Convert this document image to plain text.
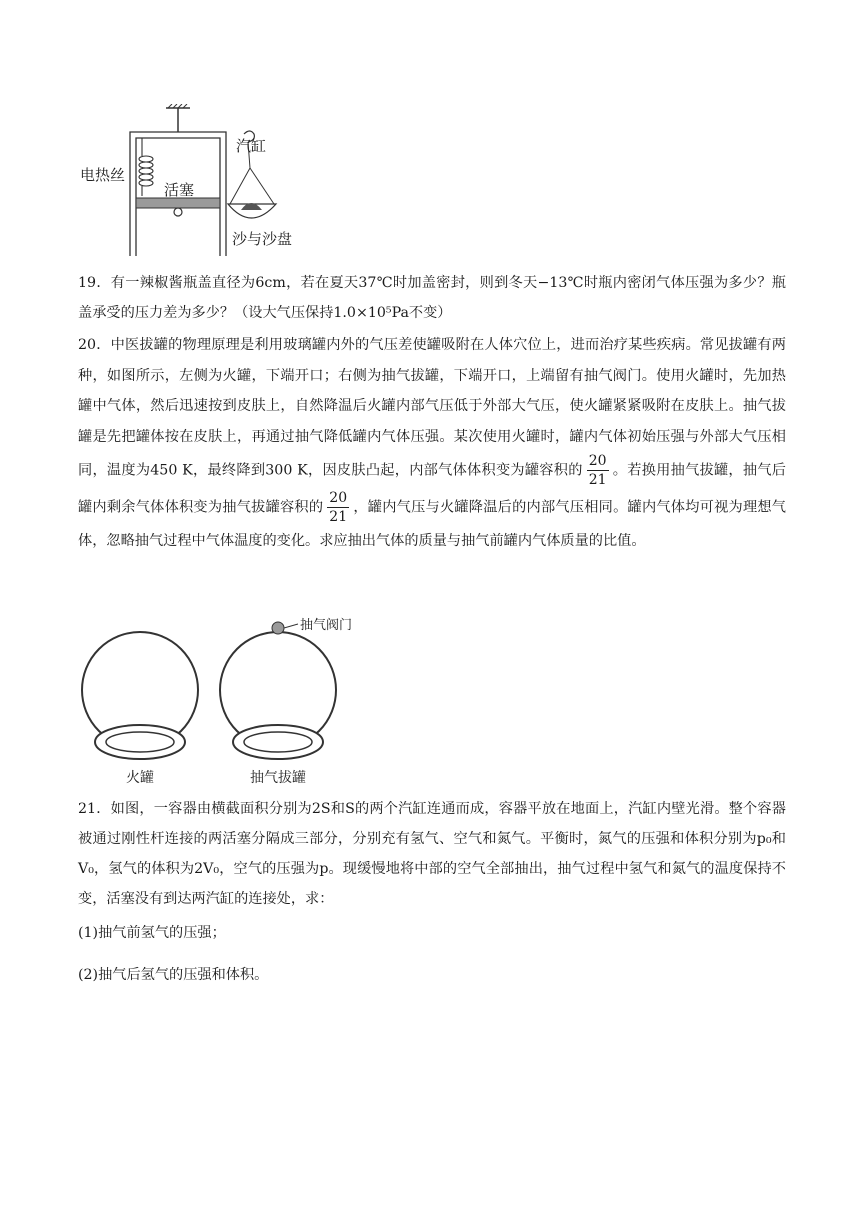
汽缸
电热丝
活塞
沙与沙盘

19．有一辣椒酱瓶盖直径为6cm，若在夏天37℃时加盖密封，则到冬天−13℃时瓶内密闭气体压强为多少？瓶盖承受的压力差为多少？（设大气压保持1.0×10⁵Pa不变）

20．中医拔罐的物理原理是利用玻璃罐内外的气压差使罐吸附在人体穴位上，进而治疗某些疾病。常见拔罐有两种，如图所示，左侧为火罐，下端开口；右侧为抽气拔罐，下端开口，上端留有抽气阀门。使用火罐时，先加热罐中气体，然后迅速按到皮肤上，自然降温后火罐内部气压低于外部大气压，使火罐紧紧吸附在皮肤上。抽气拔罐是先把罐体按在皮肤上，再通过抽气降低罐内气体压强。某次使用火罐时，罐内气体初始压强与外部大气压相同，温度为450 K，最终降到300 K，因皮肤凸起，内部气体体积变为罐容积的 $\frac{20}{21}$ 。若换用抽气拔罐，抽气后罐内剩余气体体积变为抽气拔罐容积的 $\frac{20}{21}$ ，罐内气压与火罐降温后的内部气压相同。罐内气体均可视为理想气体，忽略抽气过程中气体温度的变化。求应抽出气体的质量与抽气前罐内气体质量的比值。

火罐
抽气阀门
抽气拔罐

21．如图，一容器由横截面积分别为2S和S的两个汽缸连通而成，容器平放在地面上，汽缸内壁光滑。整个容器被通过刚性杆连接的两活塞分隔成三部分，分别充有氢气、空气和氮气。平衡时，氮气的压强和体积分别为p₀和V₀，氢气的体积为2V₀，空气的压强为p。现缓慢地将中部的空气全部抽出，抽气过程中氢气和氮气的温度保持不变，活塞没有到达两汽缸的连接处，求：

(1)抽气前氢气的压强；

(2)抽气后氢气的压强和体积。
